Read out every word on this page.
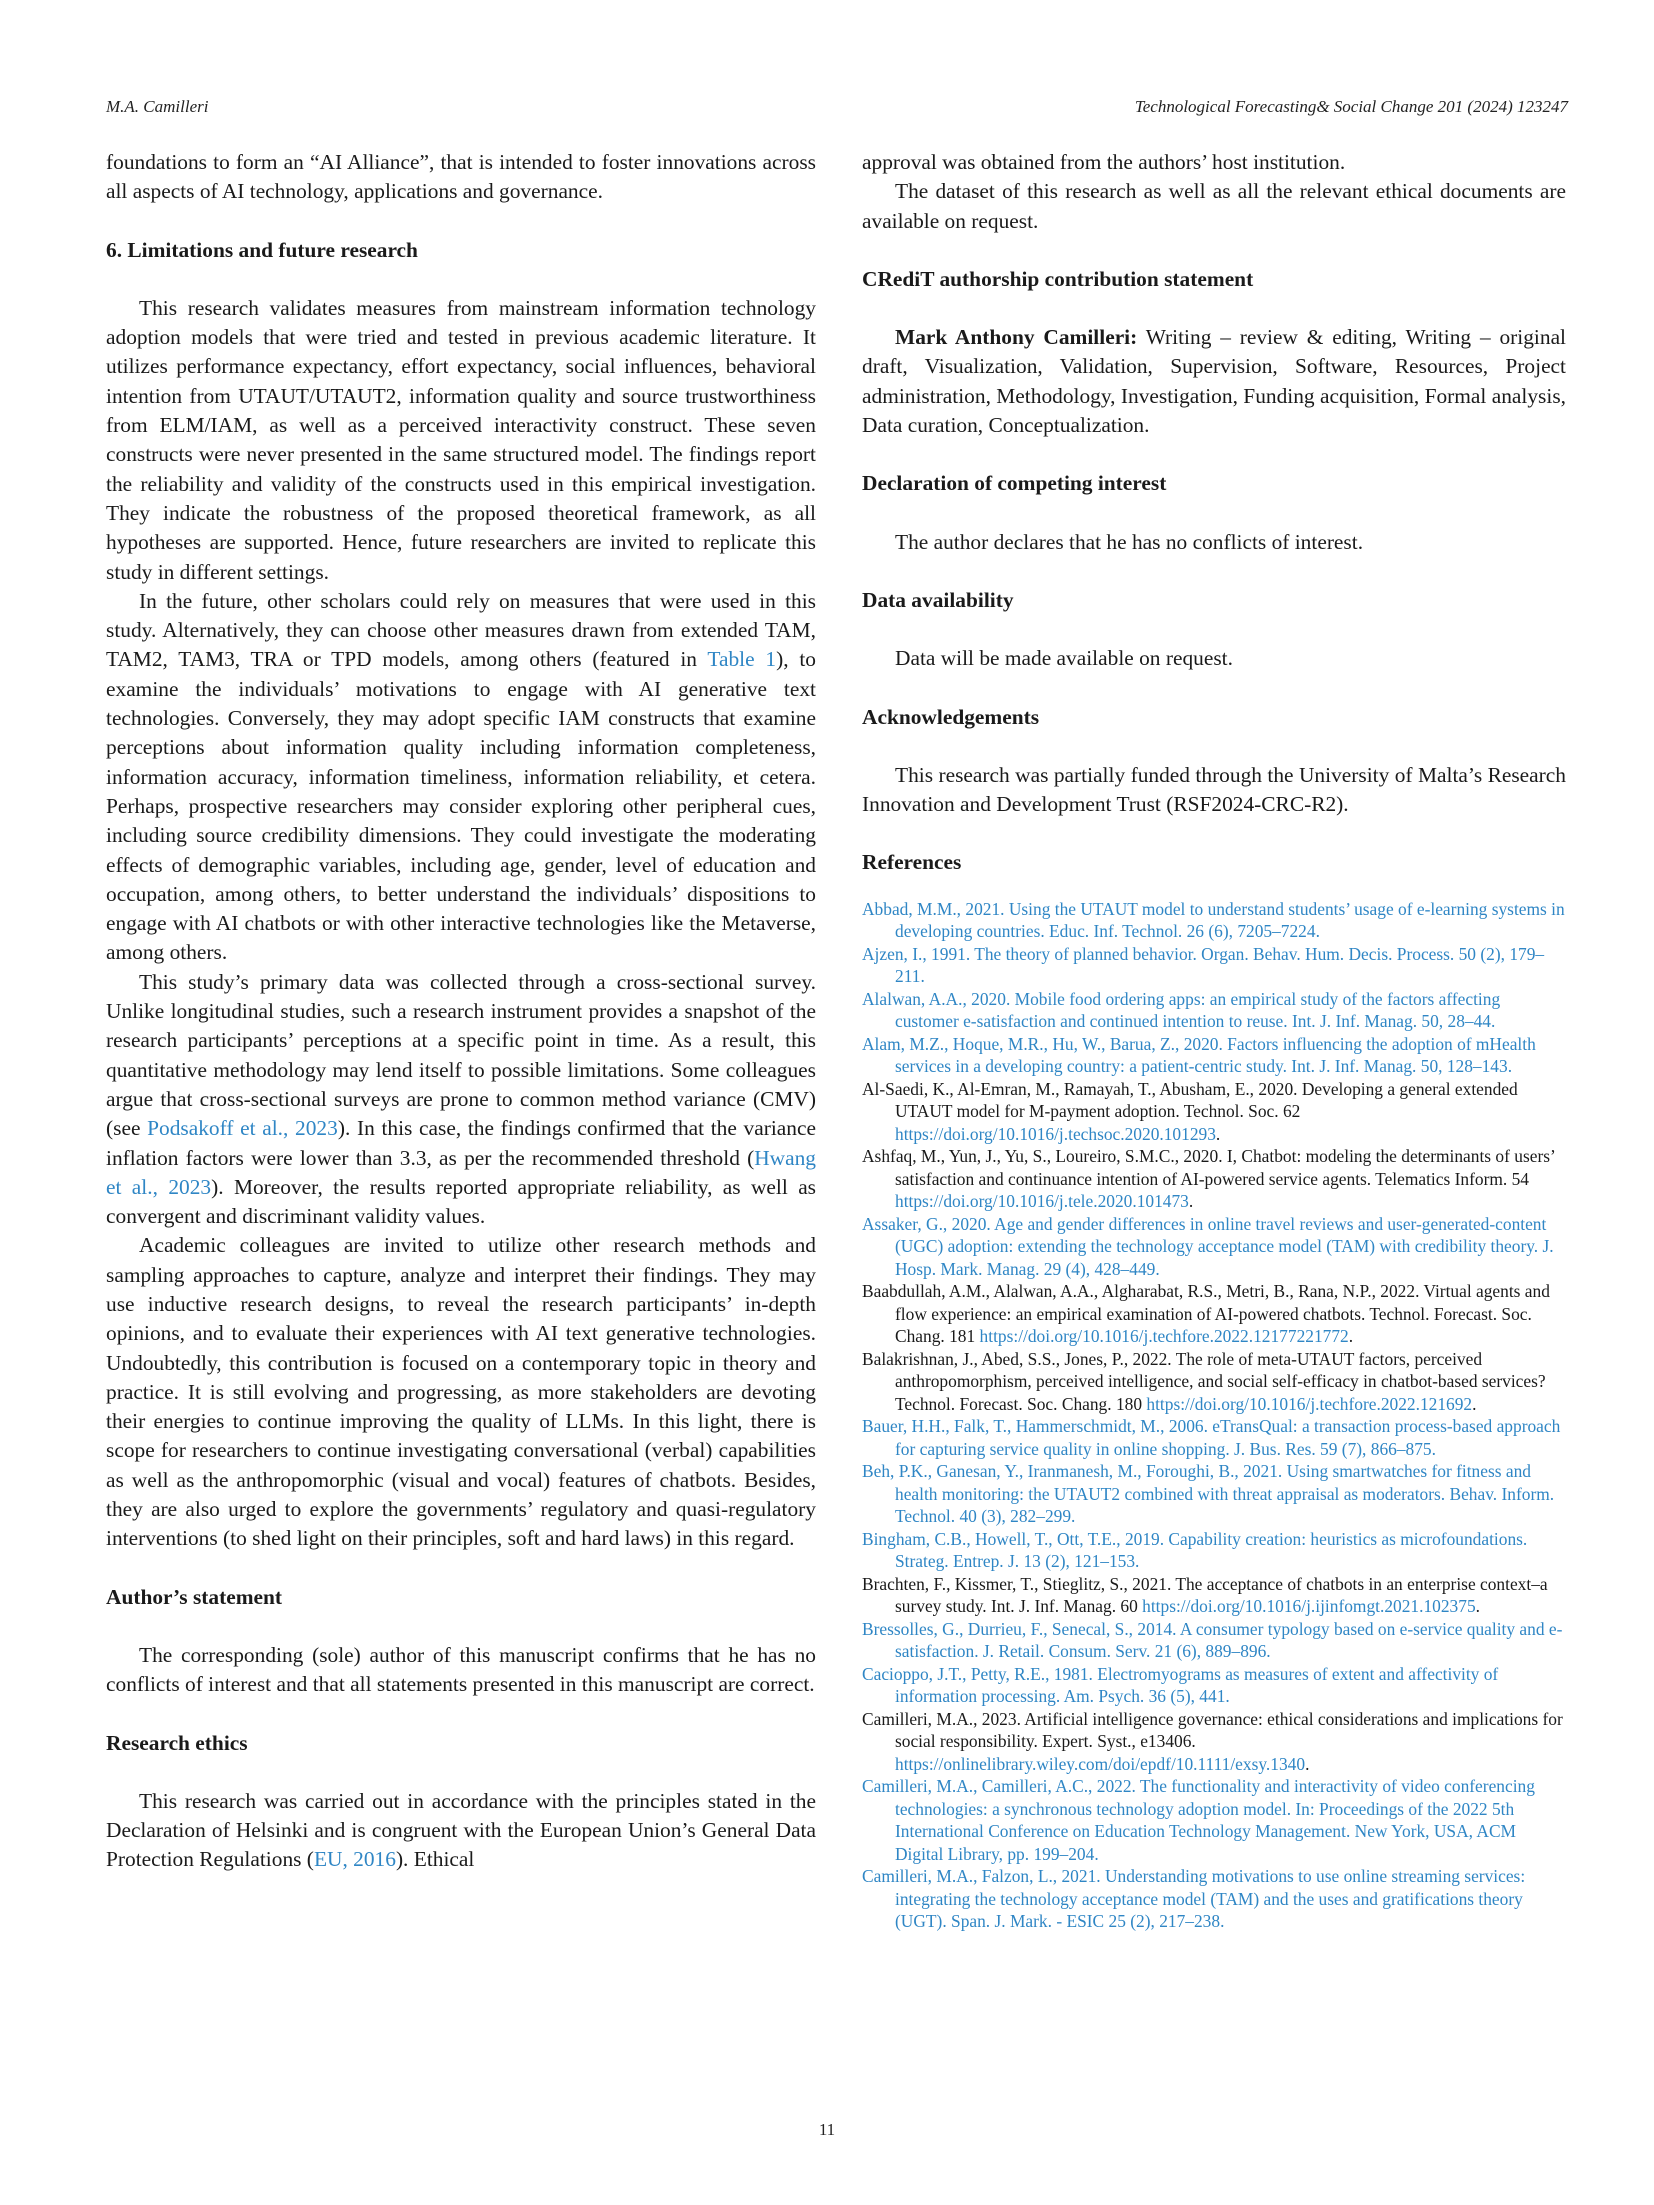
M.A. Camilleri	Technological Forecasting& Social Change 201 (2024) 123247

foundations to form an “AI Alliance”, that is intended to foster innovations across all aspects of AI technology, applications and governance.

6. Limitations and future research

This research validates measures from mainstream information technology adoption models that were tried and tested in previous academic literature. It utilizes performance expectancy, effort expectancy, social influences, behavioral intention from UTAUT/UTAUT2, information quality and source trustworthiness from ELM/IAM, as well as a perceived interactivity construct. These seven constructs were never presented in the same structured model. The findings report the reliability and validity of the constructs used in this empirical investigation. They indicate the robustness of the proposed theoretical framework, as all hypotheses are supported. Hence, future researchers are invited to replicate this study in different settings.

In the future, other scholars could rely on measures that were used in this study. Alternatively, they can choose other measures drawn from extended TAM, TAM2, TAM3, TRA or TPD models, among others (featured in Table 1), to examine the individuals’ motivations to engage with AI generative text technologies. Conversely, they may adopt specific IAM constructs that examine perceptions about information quality including information completeness, information accuracy, information timeliness, information reliability, et cetera. Perhaps, prospective researchers may consider exploring other peripheral cues, including source credibility dimensions. They could investigate the moderating effects of demographic variables, including age, gender, level of education and occupation, among others, to better understand the individuals’ dispositions to engage with AI chatbots or with other interactive technologies like the Metaverse, among others.

This study’s primary data was collected through a cross-sectional survey. Unlike longitudinal studies, such a research instrument provides a snapshot of the research participants’ perceptions at a specific point in time. As a result, this quantitative methodology may lend itself to possible limitations. Some colleagues argue that cross-sectional surveys are prone to common method variance (CMV) (see Podsakoff et al., 2023). In this case, the findings confirmed that the variance inflation factors were lower than 3.3, as per the recommended threshold (Hwang et al., 2023). Moreover, the results reported appropriate reliability, as well as convergent and discriminant validity values.

Academic colleagues are invited to utilize other research methods and sampling approaches to capture, analyze and interpret their findings. They may use inductive research designs, to reveal the research participants’ in-depth opinions, and to evaluate their experiences with AI text generative technologies. Undoubtedly, this contribution is focused on a contemporary topic in theory and practice. It is still evolving and progressing, as more stakeholders are devoting their energies to continue improving the quality of LLMs. In this light, there is scope for researchers to continue investigating conversational (verbal) capabilities as well as the anthropomorphic (visual and vocal) features of chatbots. Besides, they are also urged to explore the governments’ regulatory and quasi-regulatory interventions (to shed light on their principles, soft and hard laws) in this regard.

Author’s statement

The corresponding (sole) author of this manuscript confirms that he has no conflicts of interest and that all statements presented in this manuscript are correct.

Research ethics

This research was carried out in accordance with the principles stated in the Declaration of Helsinki and is congruent with the European Union’s General Data Protection Regulations (EU, 2016). Ethical

approval was obtained from the authors’ host institution.

The dataset of this research as well as all the relevant ethical documents are available on request.

CRediT authorship contribution statement

Mark Anthony Camilleri: Writing – review & editing, Writing – original draft, Visualization, Validation, Supervision, Software, Resources, Project administration, Methodology, Investigation, Funding acquisition, Formal analysis, Data curation, Conceptualization.

Declaration of competing interest

The author declares that he has no conflicts of interest.

Data availability

Data will be made available on request.

Acknowledgements

This research was partially funded through the University of Malta’s Research Innovation and Development Trust (RSF2024-CRC-R2).

References

Abbad, M.M., 2021. Using the UTAUT model to understand students’ usage of e-learning systems in developing countries. Educ. Inf. Technol. 26 (6), 7205–7224.

Ajzen, I., 1991. The theory of planned behavior. Organ. Behav. Hum. Decis. Process. 50 (2), 179–211.

Alalwan, A.A., 2020. Mobile food ordering apps: an empirical study of the factors affecting customer e-satisfaction and continued intention to reuse. Int. J. Inf. Manag. 50, 28–44.

Alam, M.Z., Hoque, M.R., Hu, W., Barua, Z., 2020. Factors influencing the adoption of mHealth services in a developing country: a patient-centric study. Int. J. Inf. Manag. 50, 128–143.

Al-Saedi, K., Al-Emran, M., Ramayah, T., Abusham, E., 2020. Developing a general extended UTAUT model for M-payment adoption. Technol. Soc. 62 https://doi.org/10.1016/j.techsoc.2020.101293.

Ashfaq, M., Yun, J., Yu, S., Loureiro, S.M.C., 2020. I, Chatbot: modeling the determinants of users’ satisfaction and continuance intention of AI-powered service agents. Telematics Inform. 54 https://doi.org/10.1016/j.tele.2020.101473.

Assaker, G., 2020. Age and gender differences in online travel reviews and user-generated-content (UGC) adoption: extending the technology acceptance model (TAM) with credibility theory. J. Hosp. Mark. Manag. 29 (4), 428–449.

Baabdullah, A.M., Alalwan, A.A., Algharabat, R.S., Metri, B., Rana, N.P., 2022. Virtual agents and flow experience: an empirical examination of AI-powered chatbots. Technol. Forecast. Soc. Chang. 181 https://doi.org/10.1016/j.techfore.2022.12177221772.

Balakrishnan, J., Abed, S.S., Jones, P., 2022. The role of meta-UTAUT factors, perceived anthropomorphism, perceived intelligence, and social self-efficacy in chatbot-based services? Technol. Forecast. Soc. Chang. 180 https://doi.org/10.1016/j.techfore.2022.121692.

Bauer, H.H., Falk, T., Hammerschmidt, M., 2006. eTransQual: a transaction process-based approach for capturing service quality in online shopping. J. Bus. Res. 59 (7), 866–875.

Beh, P.K., Ganesan, Y., Iranmanesh, M., Foroughi, B., 2021. Using smartwatches for fitness and health monitoring: the UTAUT2 combined with threat appraisal as moderators. Behav. Inform. Technol. 40 (3), 282–299.

Bingham, C.B., Howell, T., Ott, T.E., 2019. Capability creation: heuristics as microfoundations. Strateg. Entrep. J. 13 (2), 121–153.

Brachten, F., Kissmer, T., Stieglitz, S., 2021. The acceptance of chatbots in an enterprise context–a survey study. Int. J. Inf. Manag. 60 https://doi.org/10.1016/j.ijinfomgt.2021.102375.

Bressolles, G., Durrieu, F., Senecal, S., 2014. A consumer typology based on e-service quality and e-satisfaction. J. Retail. Consum. Serv. 21 (6), 889–896.

Cacioppo, J.T., Petty, R.E., 1981. Electromyograms as measures of extent and affectivity of information processing. Am. Psych. 36 (5), 441.

Camilleri, M.A., 2023. Artificial intelligence governance: ethical considerations and implications for social responsibility. Expert. Syst., e13406. https://onlinelibrary.wiley.com/doi/epdf/10.1111/exsy.1340.

Camilleri, M.A., Camilleri, A.C., 2022. The functionality and interactivity of video conferencing technologies: a synchronous technology adoption model. In: Proceedings of the 2022 5th International Conference on Education Technology Management. New York, USA, ACM Digital Library, pp. 199–204.

Camilleri, M.A., Falzon, L., 2021. Understanding motivations to use online streaming services: integrating the technology acceptance model (TAM) and the uses and gratifications theory (UGT). Span. J. Mark. - ESIC 25 (2), 217–238.

11
